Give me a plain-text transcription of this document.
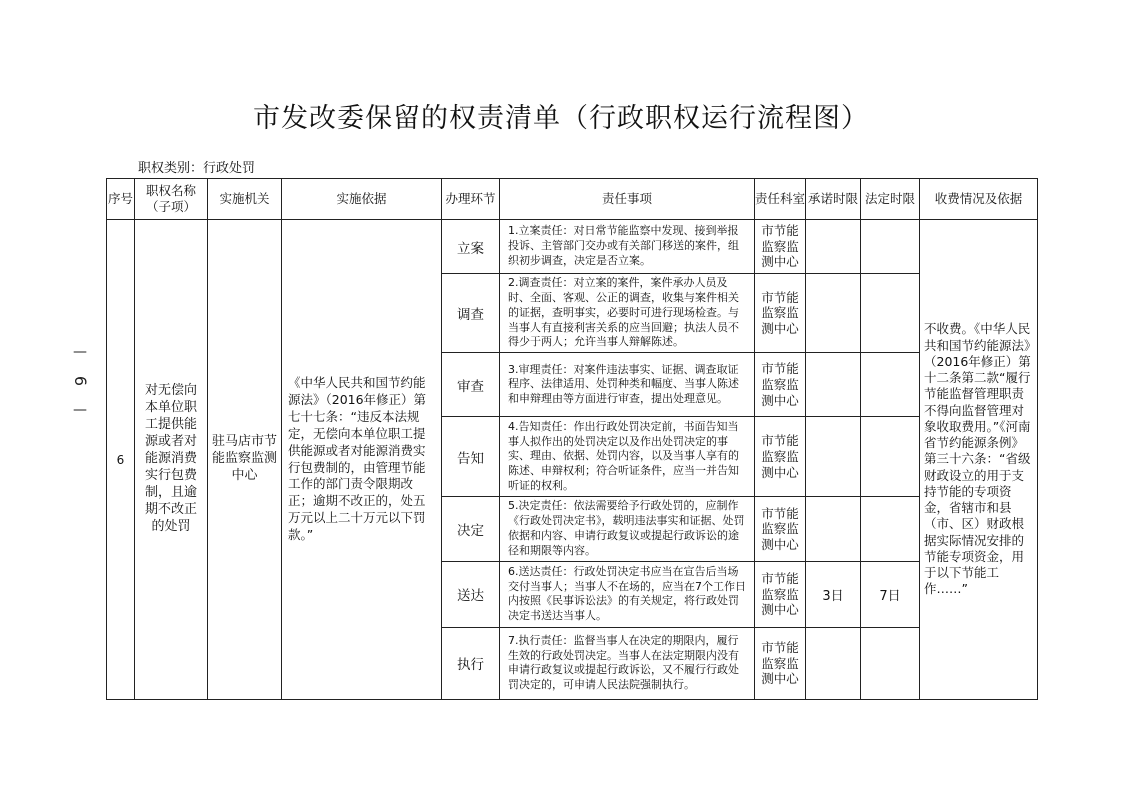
市发改委保留的权责清单（行政职权运行流程图）
职权类别：行政处罚
—
6
—
序号	职权名称（子项）	实施机关	实施依据	办理环节	责任事项	责任科室	承诺时限	法定时限	收费情况及依据
6	对无偿向本单位职工提供能源或者对能源消费实行包费制，且逾期不改正的处罚	驻马店市节能监察监测中心	《中华人民共和国节约能源法》（2016年修正）第七十七条：“违反本法规定，无偿向本单位职工提供能源或者对能源消费实行包费制的，由管理节能工作的部门责令限期改正；逾期不改正的，处五万元以上二十万元以下罚款。”	立案	1.立案责任：对日常节能监察中发现、接到举报投诉、主管部门交办或有关部门移送的案件，组织初步调查，决定是否立案。	市节能监察监测中心			不收费。《中华人民共和国节约能源法》（2016年修正）第十二条第二款“履行节能监督管理职责不得向监督管理对象收取费用。”《河南省节约能源条例》第三十六条：“省级财政设立的用于支持节能的专项资金，省辖市和县（市、区）财政根据实际情况安排的节能专项资金，用于以下节能工作……”
				调查	2.调查责任：对立案的案件，案件承办人员及时、全面、客观、公正的调查，收集与案件相关的证据，查明事实，必要时可进行现场检查。与当事人有直接利害关系的应当回避；执法人员不得少于两人；允许当事人辩解陈述。	市节能监察监测中心			
				审查	3.审理责任：对案件违法事实、证据、调查取证程序、法律适用、处罚种类和幅度、当事人陈述和申辩理由等方面进行审查，提出处理意见。	市节能监察监测中心			
				告知	4.告知责任：作出行政处罚决定前，书面告知当事人拟作出的处罚决定以及作出处罚决定的事实、理由、依据、处罚内容，以及当事人享有的陈述、申辩权利；符合听证条件，应当一并告知听证的权利。	市节能监察监测中心			
				决定	5.决定责任：依法需要给予行政处罚的，应制作《行政处罚决定书》，载明违法事实和证据、处罚依据和内容、申请行政复议或提起行政诉讼的途径和期限等内容。	市节能监察监测中心			
				送达	6.送达责任：行政处罚决定书应当在宣告后当场交付当事人；当事人不在场的，应当在7个工作日内按照《民事诉讼法》的有关规定，将行政处罚决定书送达当事人。	市节能监察监测中心	3日	7日	
				执行	7.执行责任：监督当事人在决定的期限内，履行生效的行政处罚决定。当事人在法定期限内没有申请行政复议或提起行政诉讼，又不履行行政处罚决定的，可申请人民法院强制执行。	市节能监察监测中心			
